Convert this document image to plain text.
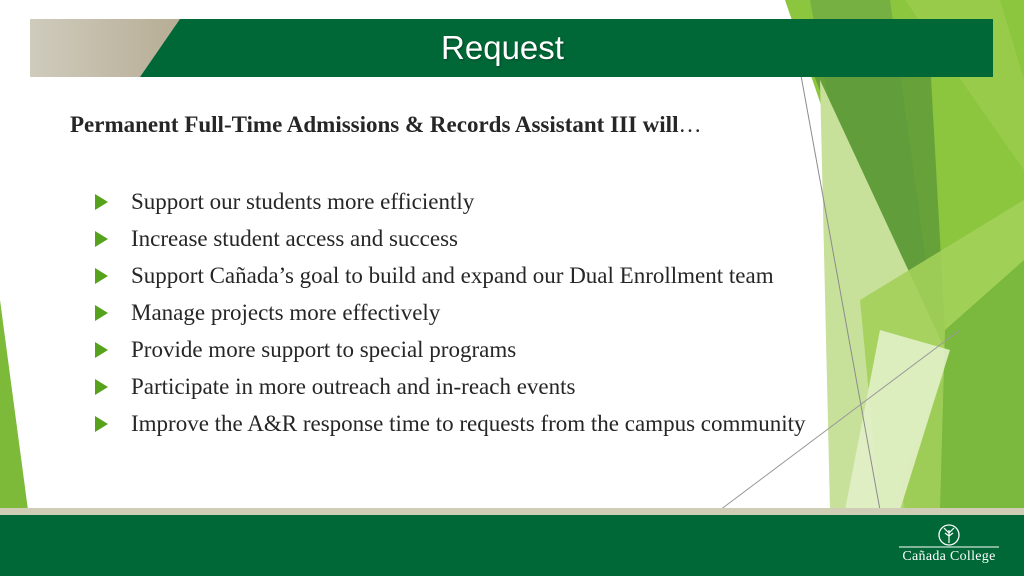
Request
Permanent Full-Time Admissions & Records Assistant III will…
Support our students more efficiently
Increase student access and success
Support Cañada’s goal to build and expand our Dual Enrollment team
Manage projects more effectively
Provide more support to special programs
Participate in more outreach and in-reach events
Improve the A&R response time to requests from the campus community
Cañada College
